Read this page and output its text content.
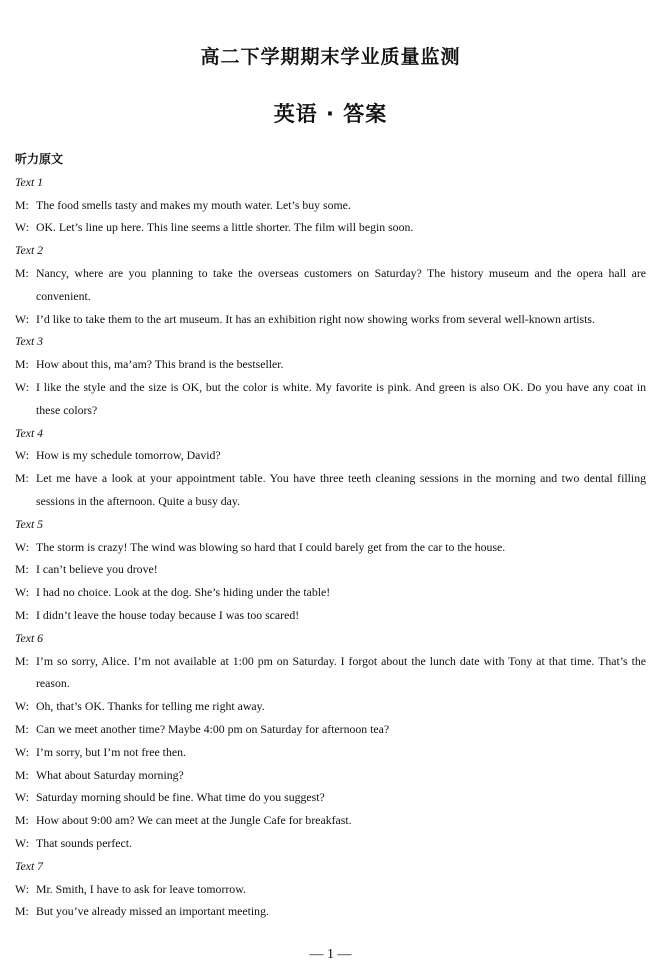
高二下学期期末学业质量监测
英语 · 答案
听力原文
Text 1
M: The food smells tasty and makes my mouth water. Let’s buy some.
W: OK. Let’s line up here. This line seems a little shorter. The film will begin soon.
Text 2
M: Nancy, where are you planning to take the overseas customers on Saturday? The history museum and the opera hall are convenient.
W: I’d like to take them to the art museum. It has an exhibition right now showing works from several well-known artists.
Text 3
M: How about this, ma’am? This brand is the bestseller.
W: I like the style and the size is OK, but the color is white. My favorite is pink. And green is also OK. Do you have any coat in these colors?
Text 4
W: How is my schedule tomorrow, David?
M: Let me have a look at your appointment table. You have three teeth cleaning sessions in the morning and two dental filling sessions in the afternoon. Quite a busy day.
Text 5
W: The storm is crazy! The wind was blowing so hard that I could barely get from the car to the house.
M: I can’t believe you drove!
W: I had no choice. Look at the dog. She’s hiding under the table!
M: I didn’t leave the house today because I was too scared!
Text 6
M: I’m so sorry, Alice. I’m not available at 1:00 pm on Saturday. I forgot about the lunch date with Tony at that time. That’s the reason.
W: Oh, that’s OK. Thanks for telling me right away.
M: Can we meet another time? Maybe 4:00 pm on Saturday for afternoon tea?
W: I’m sorry, but I’m not free then.
M: What about Saturday morning?
W: Saturday morning should be fine. What time do you suggest?
M: How about 9:00 am? We can meet at the Jungle Cafe for breakfast.
W: That sounds perfect.
Text 7
W: Mr. Smith, I have to ask for leave tomorrow.
M: But you’ve already missed an important meeting.
— 1 —
